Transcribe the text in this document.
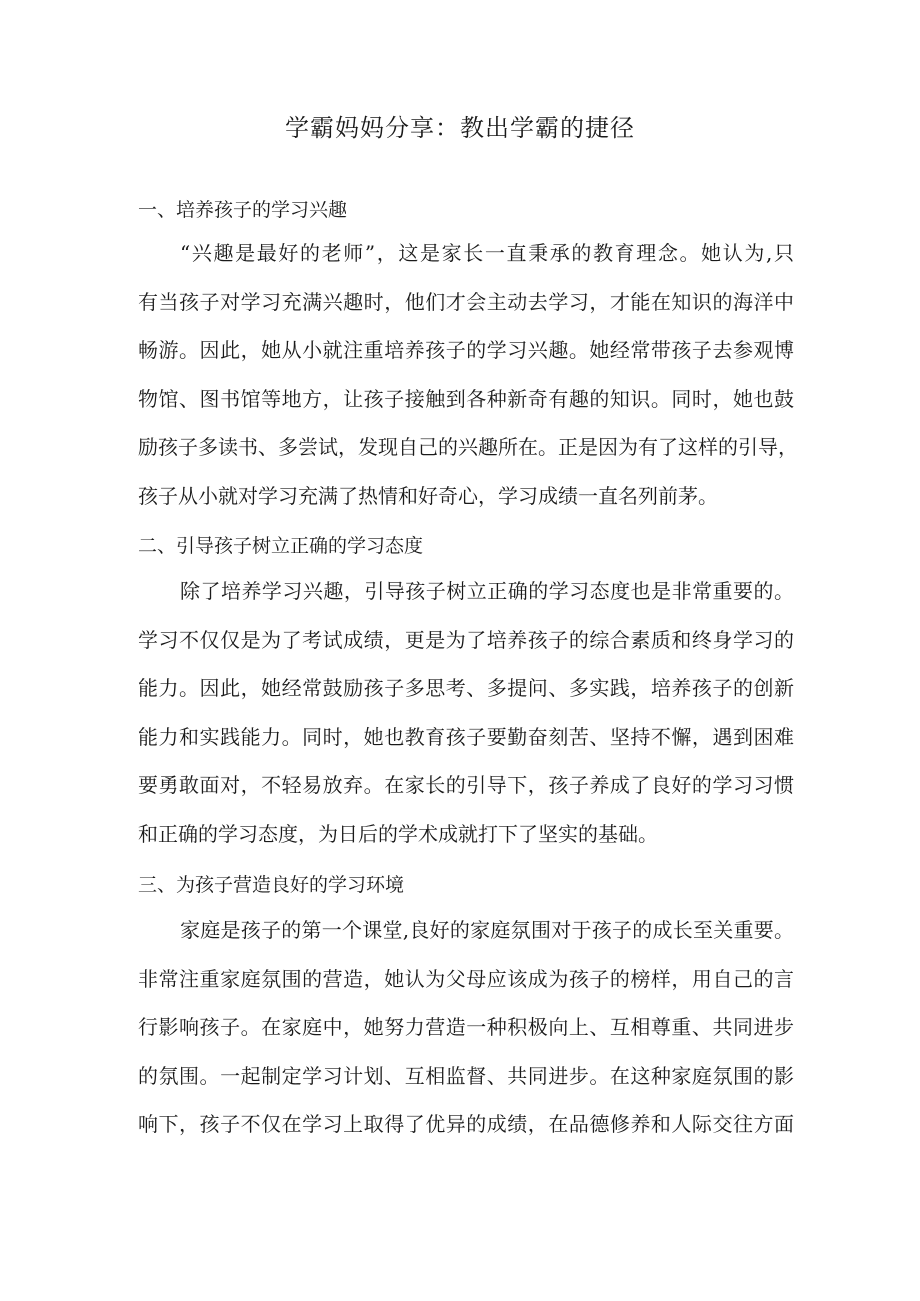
学霸妈妈分享：教出学霸的捷径
一、培养孩子的学习兴趣
“兴趣是最好的老师”，这是家长一直秉承的教育理念。她认为,只
有当孩子对学习充满兴趣时，他们才会主动去学习，才能在知识的海洋中
畅游。因此，她从小就注重培养孩子的学习兴趣。她经常带孩子去参观博
物馆、图书馆等地方，让孩子接触到各种新奇有趣的知识。同时，她也鼓
励孩子多读书、多尝试，发现自己的兴趣所在。正是因为有了这样的引导，
孩子从小就对学习充满了热情和好奇心，学习成绩一直名列前茅。
二、引导孩子树立正确的学习态度
除了培养学习兴趣，引导孩子树立正确的学习态度也是非常重要的。
学习不仅仅是为了考试成绩，更是为了培养孩子的综合素质和终身学习的
能力。因此，她经常鼓励孩子多思考、多提问、多实践，培养孩子的创新
能力和实践能力。同时，她也教育孩子要勤奋刻苦、坚持不懈，遇到困难
要勇敢面对，不轻易放弃。在家长的引导下，孩子养成了良好的学习习惯
和正确的学习态度，为日后的学术成就打下了坚实的基础。
三、为孩子营造良好的学习环境
家庭是孩子的第一个课堂,良好的家庭氛围对于孩子的成长至关重要。
非常注重家庭氛围的营造，她认为父母应该成为孩子的榜样，用自己的言
行影响孩子。在家庭中，她努力营造一种积极向上、互相尊重、共同进步
的氛围。一起制定学习计划、互相监督、共同进步。在这种家庭氛围的影
响下，孩子不仅在学习上取得了优异的成绩，在品德修养和人际交往方面
